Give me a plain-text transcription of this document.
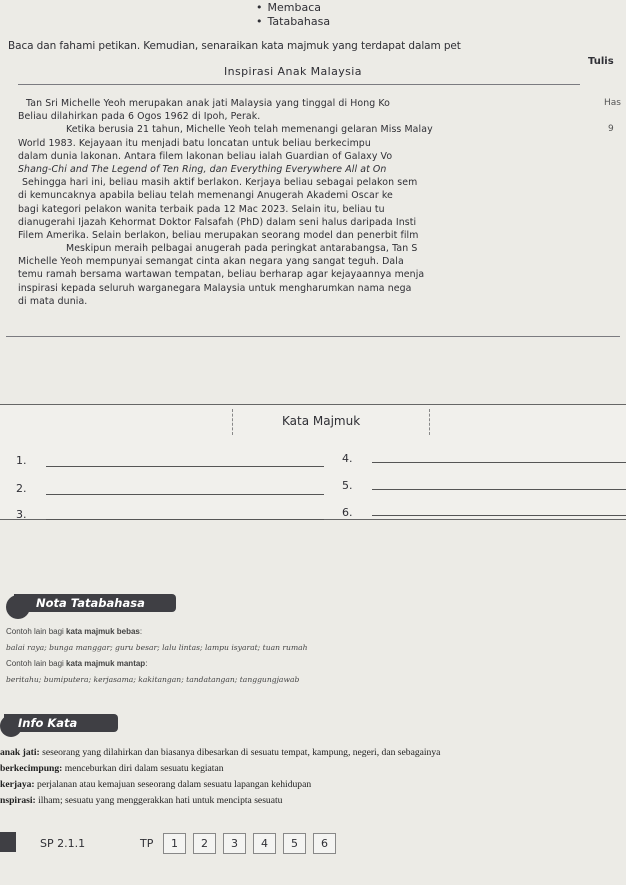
• Membaca
• Tatabahasa
Baca dan fahami petikan. Kemudian, senaraikan kata majmuk yang terdapat dalam pet
Tulis
Inspirasi Anak Malaysia
Tan Sri Michelle Yeoh merupakan anak jati Malaysia yang tinggal di Hong Ko
Beliau dilahirkan pada 6 Ogos 1962 di Ipoh, Perak.
Ketika berusia 21 tahun, Michelle Yeoh telah memenangi gelaran Miss Malay
World 1983. Kejayaan itu menjadi batu loncatan untuk beliau berkecimpu
dalam dunia lakonan. Antara filem lakonan beliau ialah Guardian of Galaxy Vo
Shang-Chi and The Legend of Ten Ring, dan Everything Everywhere All at On
Sehingga hari ini, beliau masih aktif berlakon. Kerjaya beliau sebagai pelakon sem
di kemuncaknya apabila beliau telah memenangi Anugerah Akademi Oscar ke
bagi kategori pelakon wanita terbaik pada 12 Mac 2023. Selain itu, beliau tu
dianugerahi Ijazah Kehormat Doktor Falsafah (PhD) dalam seni halus daripada Insti
Filem Amerika. Selain berlakon, beliau merupakan seorang model dan penerbit film
Meskipun meraih pelbagai anugerah pada peringkat antarabangsa, Tan S
Michelle Yeoh mempunyai semangat cinta akan negara yang sangat teguh. Dala
temu ramah bersama wartawan tempatan, beliau berharap agar kejayaannya menja
inspirasi kepada seluruh warganegara Malaysia untuk mengharumkan nama nega
di mata dunia.
Has
9
Kata Majmuk
1.
2.
3.
4.
5.
6.
Nota Tatabahasa
Contoh lain bagi kata majmuk bebas:
balai raya; bunga manggar; guru besar; lalu lintas; lampu isyarat; tuan rumah
Contoh lain bagi kata majmuk mantap:
beritahu; bumiputera; kerjasama; kakitangan; tandatangan; tanggungjawab
Info Kata
anak jati: seseorang yang dilahirkan dan biasanya dibesarkan di sesuatu tempat, kampung, negeri, dan sebagainya
berkecimpung: menceburkan diri dalam sesuatu kegiatan
kerjaya: perjalanan atau kemajuan seseorang dalam sesuatu lapangan kehidupan
nspirasi: ilham; sesuatu yang menggerakkan hati untuk mencipta sesuatu
SP 2.1.1	TP	1	2	3	4	5	6
